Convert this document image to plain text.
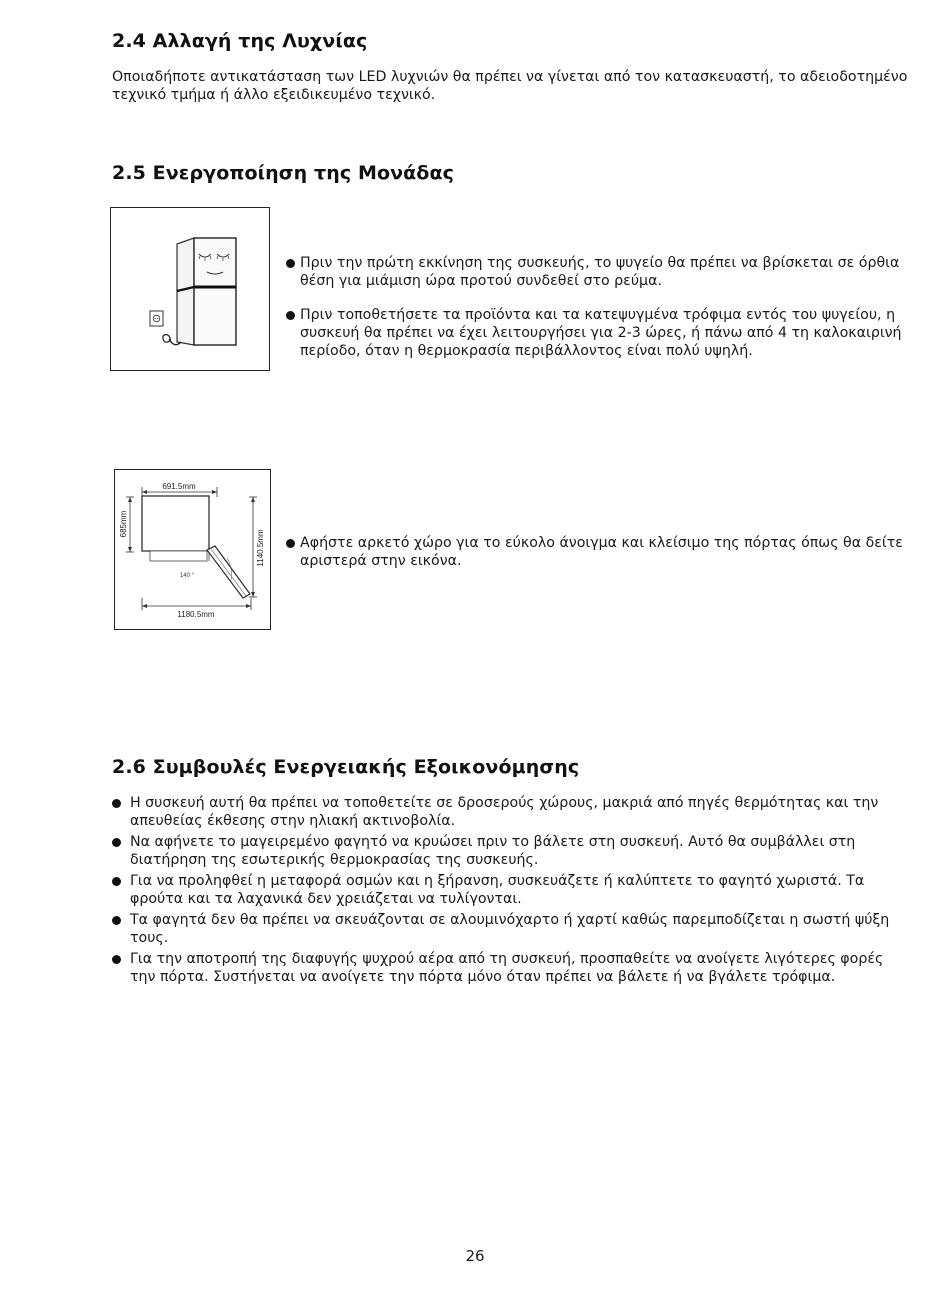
2.4 Αλλαγή της Λυχνίας

Οποιαδήποτε αντικατάσταση των LED λυχνιών θα πρέπει να γίνεται από τον κατασκευαστή, το αδειοδοτημένο τεχνικό τμήμα ή άλλο εξειδικευμένο τεχνικό.

2.5 Ενεργοποίηση της Μονάδας
Πριν την πρώτη εκκίνηση της συσκευής, το ψυγείο θα πρέπει να βρίσκεται σε όρθια θέση για μιάμιση ώρα προτού συνδεθεί στο ρεύμα.
Πριν τοποθετήσετε τα προϊόντα και τα κατεψυγμένα τρόφιμα εντός του ψυγείου, η συσκευή θα πρέπει να έχει λειτουργήσει για 2-3 ώρες, ή πάνω από 4 τη καλοκαιρινή περίοδο, όταν η θερμοκρασία περιβάλλοντος είναι πολύ υψηλή.
691.5mm
685mm
140 °
1140.5mm
1180.5mm
Αφήστε αρκετό χώρο για το εύκολο άνοιγμα και κλείσιμο της πόρτας όπως θα δείτε αριστερά στην εικόνα.
2.6 Συμβουλές Ενεργειακής Εξοικονόμησης
Η συσκευή αυτή θα πρέπει να τοποθετείτε σε δροσερούς χώρους, μακριά από πηγές θερμότητας και την απευθείας έκθεσης στην ηλιακή ακτινοβολία.
Να αφήνετε το μαγειρεμένο φαγητό να κρυώσει πριν το βάλετε στη συσκευή. Αυτό θα συμβάλλει στη διατήρηση της εσωτερικής θερμοκρασίας της συσκευής.
Για να προληφθεί η μεταφορά οσμών και η ξήρανση, συσκευάζετε ή καλύπτετε το φαγητό χωριστά. Τα φρούτα και τα λαχανικά δεν χρειάζεται να τυλίγονται.
Τα φαγητά δεν θα πρέπει να σκευάζονται σε αλουμινόχαρτο ή χαρτί καθώς παρεμποδίζεται η σωστή ψύξη τους.
Για την αποτροπή της διαφυγής ψυχρού αέρα από τη συσκευή, προσπαθείτε να ανοίγετε λιγότερες φορές την πόρτα. Συστήνεται να ανοίγετε την πόρτα μόνο όταν πρέπει να βάλετε ή να βγάλετε τρόφιμα.
26
